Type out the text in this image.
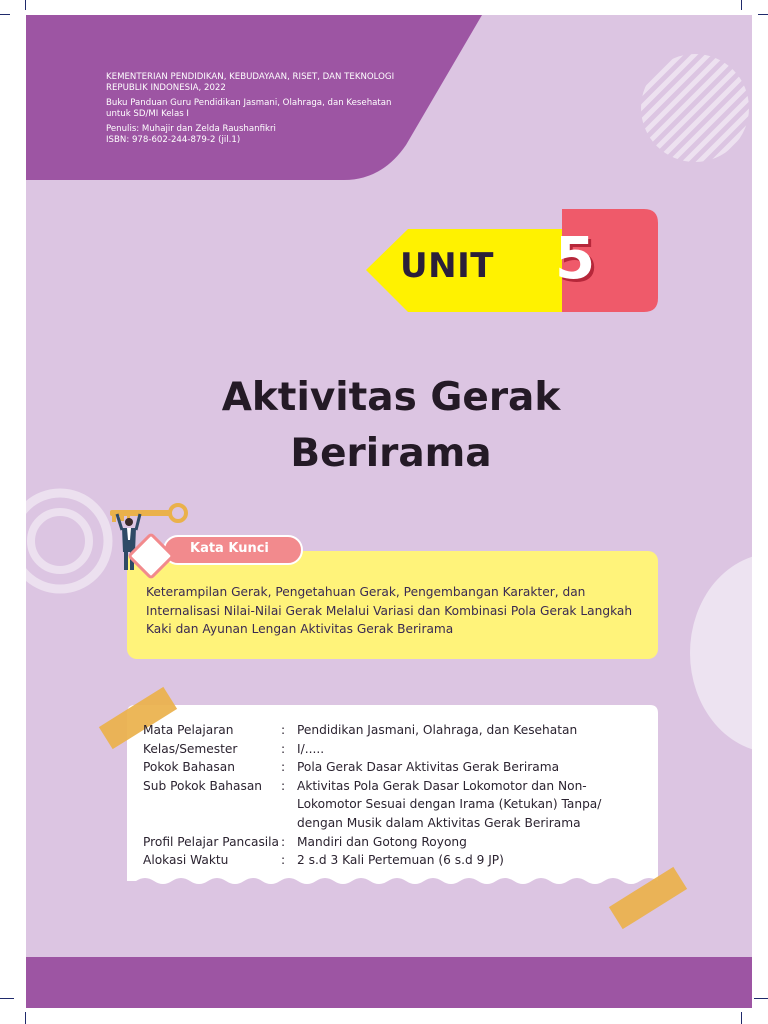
KEMENTERIAN PENDIDIKAN, KEBUDAYAAN, RISET, DAN TEKNOLOGI
REPUBLIK INDONESIA, 2022
Buku Panduan Guru Pendidikan Jasmani, Olahraga, dan Kesehatan
untuk SD/MI Kelas I
Penulis: Muhajir dan Zelda Raushanfikri
ISBN: 978-602-244-879-2 (jil.1)
Aktivitas Gerak
Berirama
Kata Kunci
Keterampilan Gerak, Pengetahuan Gerak, Pengembangan Karakter, dan Internalisasi Nilai-Nilai Gerak Melalui Variasi dan Kombinasi Pola Gerak Langkah Kaki dan Ayunan Lengan Aktivitas Gerak Berirama
Mata Pelajaran	: Pendidikan Jasmani, Olahraga, dan Kesehatan
Kelas/Semester	: I/.....
Pokok Bahasan	: Pola Gerak Dasar Aktivitas Gerak Berirama
Sub Pokok Bahasan	: Aktivitas Pola Gerak Dasar Lokomotor dan Non-Lokomotor Sesuai dengan Irama (Ketukan) Tanpa/ dengan Musik dalam Aktivitas Gerak Berirama
Profil Pelajar Pancasila : Mandiri dan Gotong Royong
Alokasi Waktu	: 2 s.d 3 Kali Pertemuan (6 s.d 9 JP)
UNIT 5
